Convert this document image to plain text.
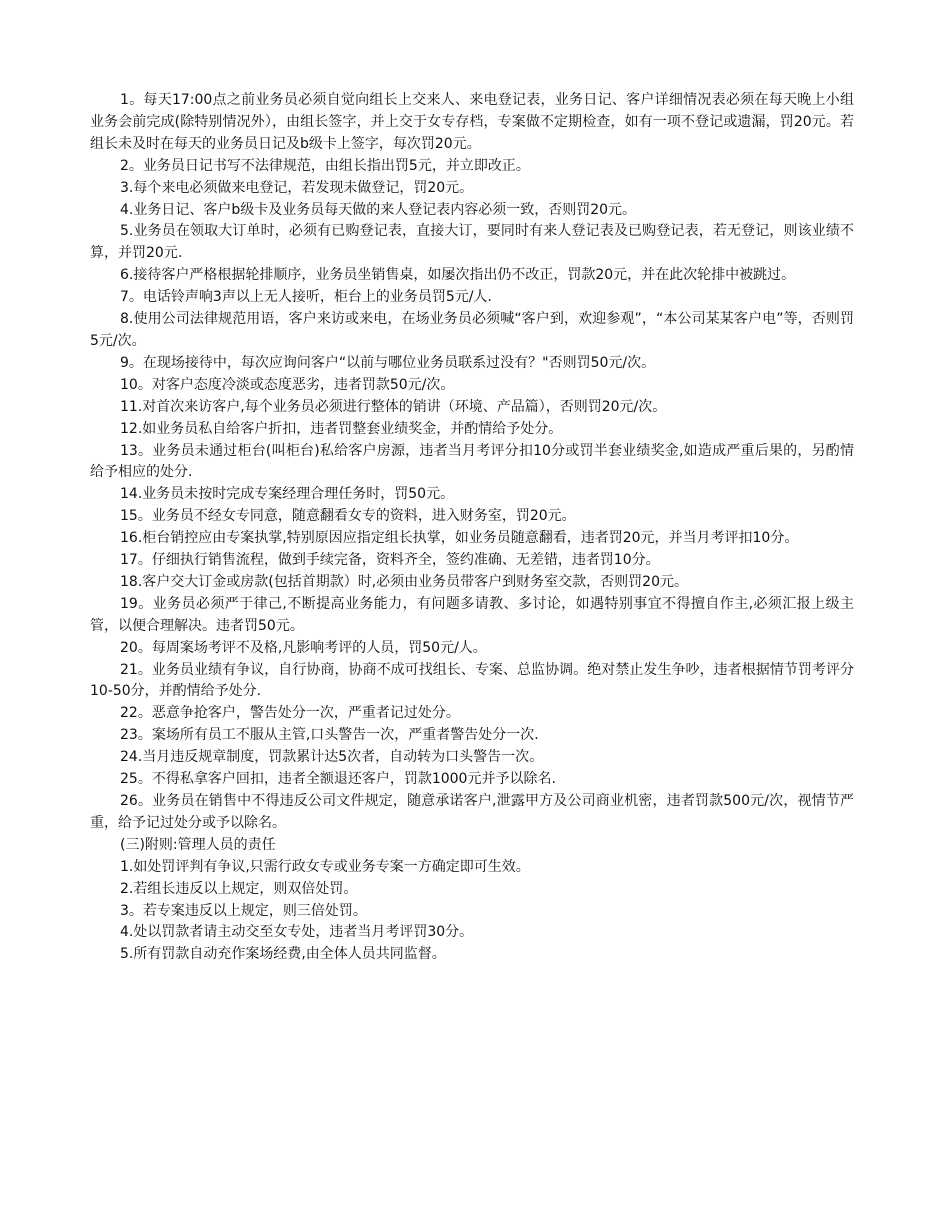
1。每天17:00点之前业务员必须自觉向组长上交来人、来电登记表，业务日记、客户详细情况表必须在每天晚上小组业务会前完成(除特别情况外），由组长签字，并上交于女专存档，专案做不定期检查，如有一项不登记或遗漏，罚20元。若组长未及时在每天的业务员日记及b级卡上签字，每次罚20元。

2。业务员日记书写不法律规范，由组长指出罚5元，并立即改正。

3.每个来电必须做来电登记，若发现未做登记，罚20元。

4.业务日记、客户b级卡及业务员每天做的来人登记表内容必须一致，否则罚20元。

5.业务员在领取大订单时，必须有已购登记表，直接大订，要同时有来人登记表及已购登记表，若无登记，则该业绩不算，并罚20元.

6.接待客户严格根据轮排顺序，业务员坐销售桌，如屡次指出仍不改正，罚款20元，并在此次轮排中被跳过。

7。电话铃声响3声以上无人接听，柜台上的业务员罚5元/人.

8.使用公司法律规范用语，客户来访或来电，在场业务员必须喊“客户到，欢迎参观”，“本公司某某客户电”等，否则罚5元/次。

9。在现场接待中，每次应询问客户“以前与哪位业务员联系过没有？"否则罚50元/次。

10。对客户态度冷淡或态度恶劣，违者罚款50元/次。

11.对首次来访客户,每个业务员必须进行整体的销讲（环境、产品篇），否则罚20元/次。

12.如业务员私自给客户折扣，违者罚整套业绩奖金，并酌情给予处分。

13。业务员未通过柜台(叫柜台)私给客户房源，违者当月考评分扣10分或罚半套业绩奖金,如造成严重后果的，另酌情给予相应的处分.

14.业务员未按时完成专案经理合理任务时，罚50元。

15。业务员不经女专同意，随意翻看女专的资料，进入财务室，罚20元。

16.柜台销控应由专案执掌,特别原因应指定组长执掌，如业务员随意翻看，违者罚20元，并当月考评扣10分。

17。仔细执行销售流程，做到手续完备，资料齐全，签约准确、无差错，违者罚10分。

18.客户交大订金或房款(包括首期款）时,必须由业务员带客户到财务室交款，否则罚20元。

19。业务员必须严于律己,不断提高业务能力，有问题多请教、多讨论，如遇特别事宜不得擅自作主,必须汇报上级主管，以便合理解决。违者罚50元。

20。每周案场考评不及格,凡影响考评的人员，罚50元/人。

21。业务员业绩有争议，自行协商，协商不成可找组长、专案、总监协调。绝对禁止发生争吵，违者根据情节罚考评分10-50分，并酌情给予处分.

22。恶意争抢客户，警告处分一次，严重者记过处分。

23。案场所有员工不服从主管,口头警告一次，严重者警告处分一次.

24.当月违反规章制度，罚款累计达5次者，自动转为口头警告一次。

25。不得私拿客户回扣，违者全额退还客户，罚款1000元并予以除名.

26。业务员在销售中不得违反公司文件规定，随意承诺客户,泄露甲方及公司商业机密，违者罚款500元/次，视情节严重，给予记过处分或予以除名。

(三)附则:管理人员的责任

1.如处罚评判有争议,只需行政女专或业务专案一方确定即可生效。

2.若组长违反以上规定，则双倍处罚。

3。若专案违反以上规定，则三倍处罚。

4.处以罚款者请主动交至女专处，违者当月考评罚30分。

5.所有罚款自动充作案场经费,由全体人员共同监督。
